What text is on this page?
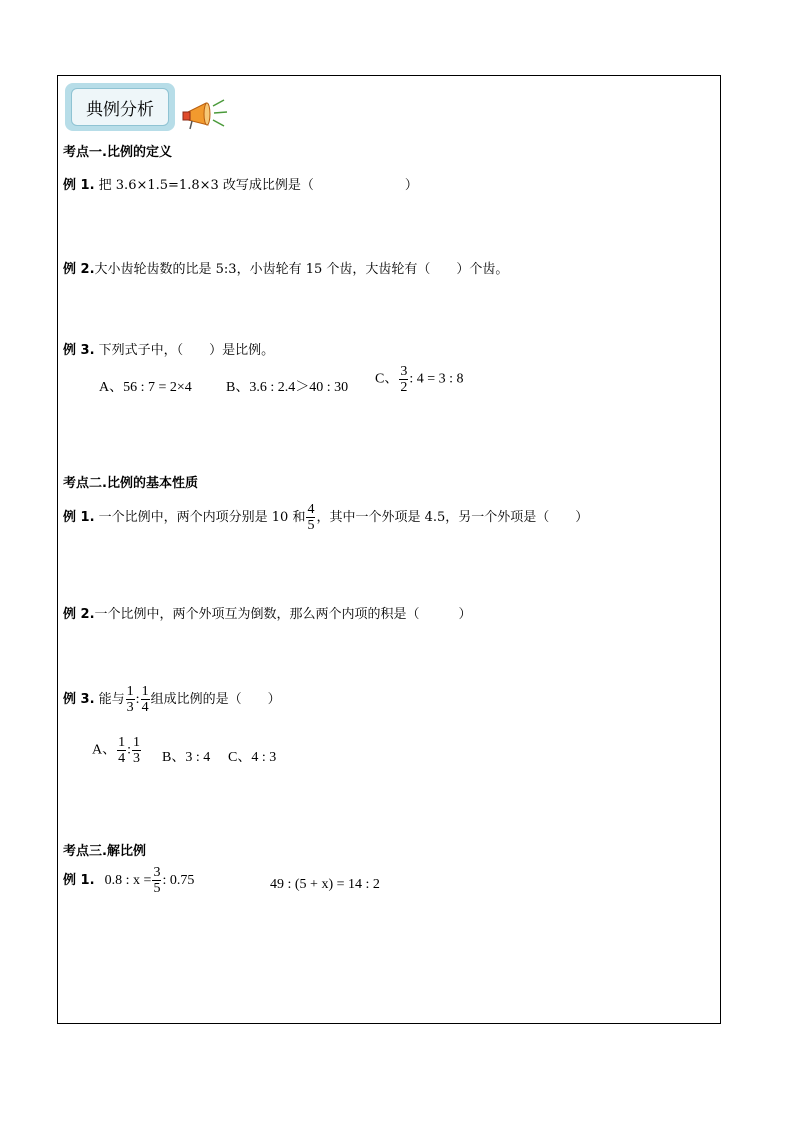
典例分析
考点一.比例的定义
例 1. 把 3.6×1.5=1.8×3 改写成比例是（　　　　　　　）
例 2.大小齿轮齿数的比是 5:3，小齿轮有 15 个齿，大齿轮有（　　）个齿。
例 3. 下列式子中，（　　）是比例。
A、56 : 7 = 2×4 B、3.6 : 2.4＞40 : 30
C、 $\frac{3}{2}$ : 4 = 3 : 8
考点二.比例的基本性质
例 1. 一个比例中，两个内项分别是 10 和 $\frac{4}{5}$ ，其中一个外项是 4.5，另一个外项是（　　）
例 2.一个比例中，两个外项互为倒数，那么两个内项的积是（　　　）
例 3. 能与 $\frac{1}{3}$ : $\frac{1}{4}$ 组成比例的是（　　）
A、 $\frac{1}{4}$ : $\frac{1}{3}$ B、3 : 4 C、4 : 3
考点三.解比例
例 1. 0.8 : $x = \frac{3}{5}$ : 0.75	49 : (5 + x) = 14 : 2
